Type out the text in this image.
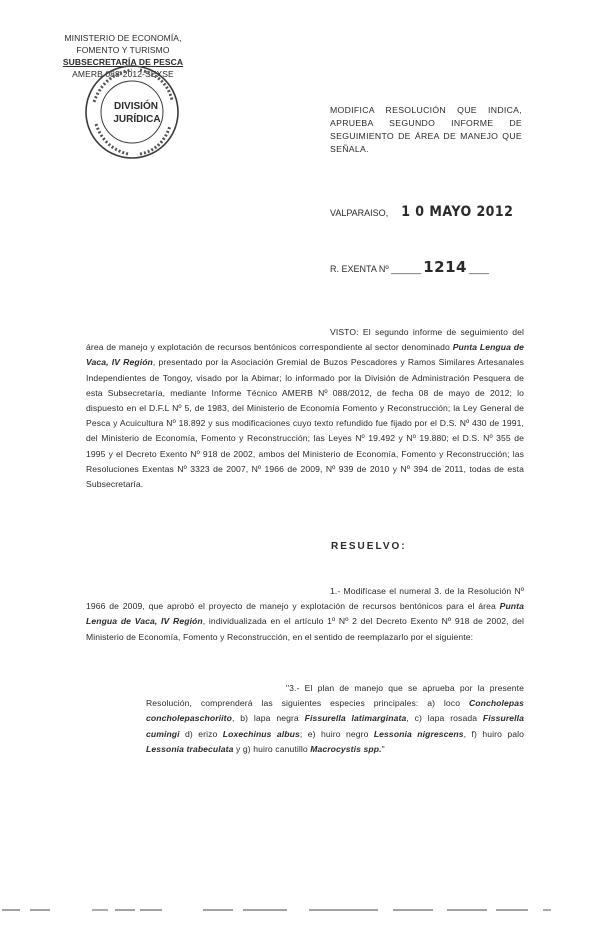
MINISTERIO DE ECONOMÍA,
FOMENTO Y TURISMO
SUBSECRETARÍA DE PESCA
AMERB 088-2012-SEXSE
DIVISIÓN
JURÍDICA
MODIFICA RESOLUCIÓN QUE INDICA, APRUEBA SEGUNDO INFORME DE SEGUIMIENTO DE ÁREA DE MANEJO QUE SEÑALA.
VALPARAISO, 1 0 MAYO 2012
R. EXENTA Nº ______ 1214 ____
VISTO: El segundo informe de seguimiento del área de manejo y explotación de recursos bentónicos correspondiente al sector denominado Punta Lengua de Vaca, IV Región, presentado por la Asociación Gremial de Buzos Pescadores y Ramos Similares Artesanales Independientes de Tongoy, visado por la Abimar; lo informado por la División de Administración Pesquera de esta Subsecretaría, mediante Informe Técnico AMERB Nº 088/2012, de fecha 08 de mayo de 2012; lo dispuesto en el D.F.L Nº 5, de 1983, del Ministerio de Economía Fomento y Reconstrucción; la Ley General de Pesca y Acuicultura Nº 18.892 y sus modificaciones cuyo texto refundido fue fijado por el D.S. Nº 430 de 1991, del Ministerio de Economía, Fomento y Reconstrucción; las Leyes Nº 19.492 y Nº 19.880; el D.S. Nº 355 de 1995 y el Decreto Exento Nº 918 de 2002, ambos del Ministerio de Economía, Fomento y Reconstrucción; las Resoluciones Exentas Nº 3323 de 2007, Nº 1966 de 2009, Nº 939 de 2010 y Nº 394 de 2011, todas de esta Subsecretaría.
RESUELVO:
1.- Modifícase el numeral 3. de la Resolución Nº 1966 de 2009, que aprobó el proyecto de manejo y explotación de recursos bentónicos para el área Punta Lengua de Vaca, IV Región, individualizada en el artículo 1º Nº 2 del Decreto Exento Nº 918 de 2002, del Ministerio de Economía, Fomento y Reconstrucción, en el sentido de reemplazarlo por el siguiente:
"3.- El plan de manejo que se aprueba por la presente Resolución, comprenderá las siguientes especies principales: a) loco Concholepas concholepaschoriito, b) lapa negra Fissurella latimarginata, c) lapa rosada Fissurella cumingi d) erizo Loxechinus albus; e) huiro negro Lessonia nigrescens, f) huiro palo Lessonia trabeculata y g) huiro canutillo Macrocystis spp."
